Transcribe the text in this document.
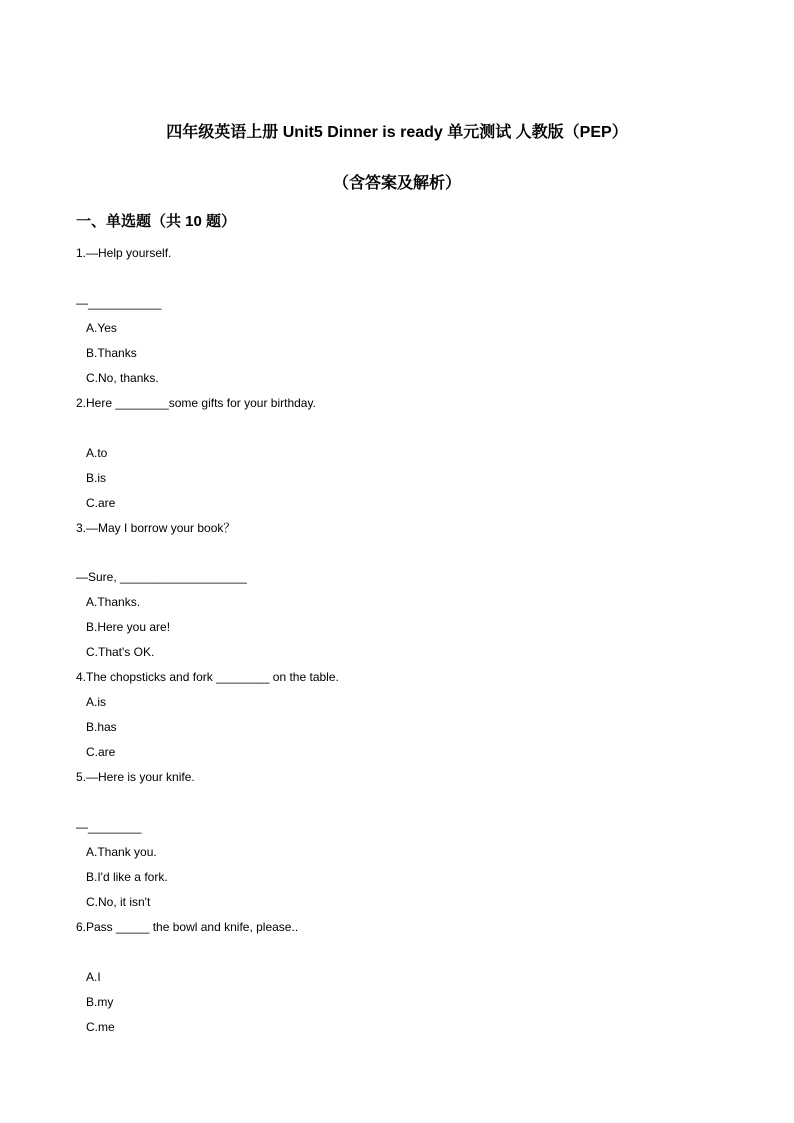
四年级英语上册 Unit5 Dinner is ready 单元测试 人教版（PEP）
（含答案及解析）
一、单选题（共 10 题）
1.—Help yourself.
—___________
A.Yes
B.Thanks
C.No, thanks.
2.Here ________some gifts for your birthday.
A.to
B.is
C.are
3.—May I borrow your book？
—Sure, ___________________
A.Thanks.
B.Here you are!
C.That's OK.
4.The chopsticks and fork ________ on the table.
A.is
B.has
C.are
5.—Here is your knife.
—________
A.Thank you.
B.I'd like a fork.
C.No, it isn't
6.Pass _____ the bowl and knife, please..
A.I
B.my
C.me
